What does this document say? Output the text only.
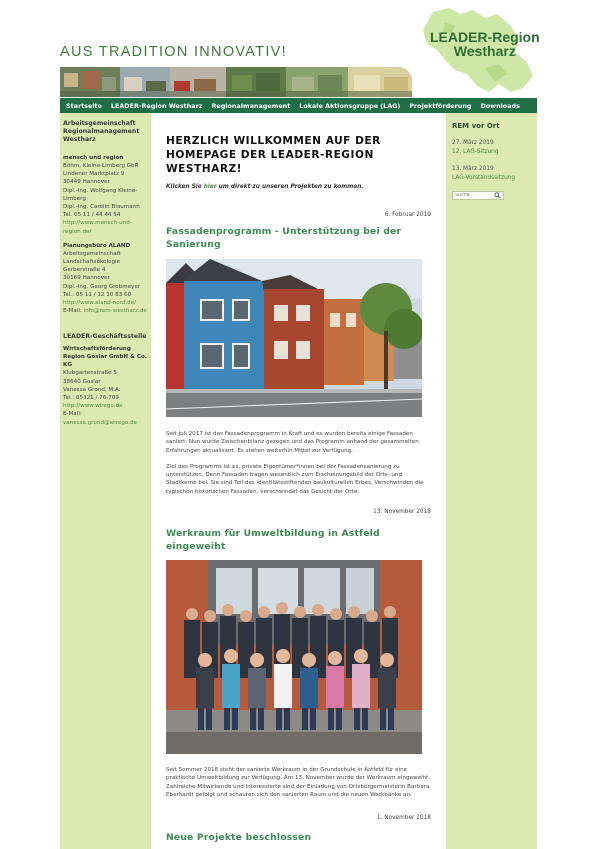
AUS TRADITION INNOVATIV!
LEADER-Region
Westharz
Startseite LEADER-Region Westharz Regionalmanagement Lokale Aktionsgruppe (LAG) Projektförderung Downloads
Arbeitsgemeinschaft Regionalmanagement Westharz
mensch und region
Böhm, Kleine-Limberg GbR
Lindener Marktplatz 9
30449 Hannover
Dipl.-Ing. Wolfgang Kleine-
Limberg
Dipl.-Ing. Carolin Blaumann
Tel. 05 11 / 44 44 54
http://www.mensch-und-region.de/
Planungsbüro ALAND
Arbeitsgemeinschaft
Landschaftsökologie
Gerberstraße 4
30169 Hannover
Dipl.-Ing. Georg Grobmeyer
Tel.: 05 11 / 12 10 83 60
http://www.aland-nord.de/
E-Mail: info@rem-westharz.de
LEADER-Geschäftsstelle
Wirtschaftsförderung Region Goslar GmbH & Co. KG
Klubgartenstraße 5
38640 Goslar
Vanessa Grond, M.A.
Tel.: 05321 / 76-709
http://www.wiregо.de
E-Mail:
vanessa.grond@wirego.de
HERZLICH WILLKOMMEN AUF DER HOMEPAGE DER LEADER-REGION WESTHARZ!
Klicken Sie hier um direkt zu unseren Projekten zu kommen.
6. Februar 2019
Fassadenprogramm - Unterstützung bei der Sanierung
Seit Juli 2017 ist das Fassadenprogramm in Kraft und es wurden bereits einige Fassaden saniert. Nun wurde Zwischenbilanz gezogen und das Programm anhand der gesammelten Erfahrungen aktualisiert. Es stehen weiterhin Mittel zur Verfügung.
Ziel des Programms ist es, private Eigentümer*innen bei der Fassadensanierung zu unterstützen. Denn Fassaden tragen wesentlich zum Erscheinungsbild der Orts- und Stadtkerne bei. Sie sind Teil des identitätsstiftenden baukulturellen Erbes. Verschwinden die typischen historischen Fassaden, verschwindet das Gesicht der Orte.
13. November 2018
Werkraum für Umweltbildung in Astfeld eingeweiht
Seit Sommer 2018 steht der sanierte Werkraum in der Grundschule in Astfeld für eine praktische Umweltbildung zur Verfügung. Am 13. November wurde der Werkraum eingeweiht. Zahlreiche Mitwirkende und Interessierte sind der Einladung von Ortsbürgermeisterin Barbara Eberhardt gefolgt und schauten sich den sanierten Raum und die neuen Werkbänke an.
1. November 2018
Neue Projekte beschlossen
REM vor Ort
27. März 2019
12. LAG-Sitzung
13. März 2019
LAG-Vorstandssitzung
Suche
